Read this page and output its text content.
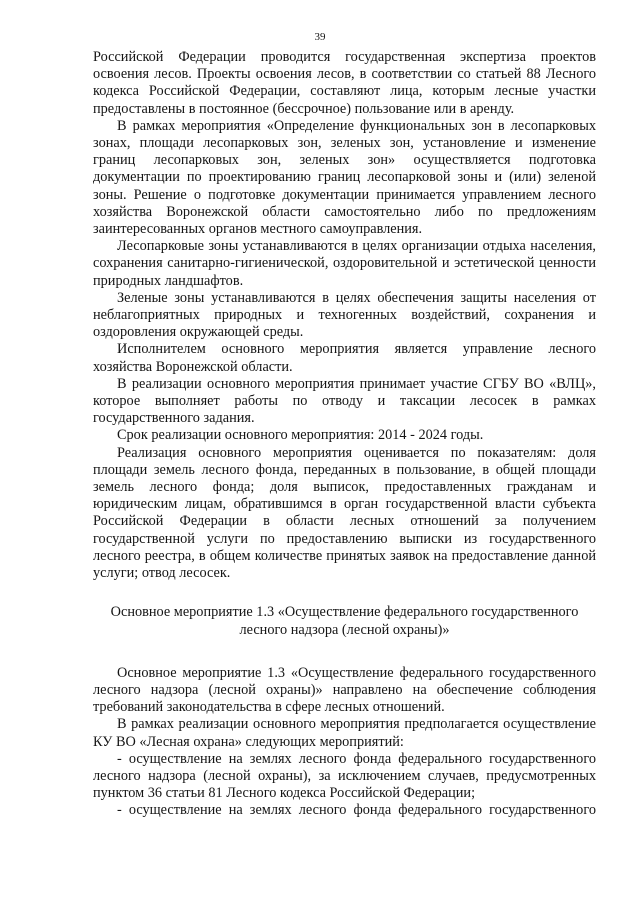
39

Российской Федерации проводится государственная экспертиза проектов освоения лесов. Проекты освоения лесов, в соответствии со статьей 88 Лесного кодекса Российской Федерации, составляют лица, которым лесные участки предоставлены в постоянное (бессрочное) пользование или в аренду.

В рамках мероприятия «Определение функциональных зон в лесопарковых зонах, площади лесопарковых зон, зеленых зон, установление и изменение границ лесопарковых зон, зеленых зон» осуществляется подготовка документации по проектированию границ лесопарковой зоны и (или) зеленой зоны. Решение о подготовке документации принимается управлением лесного хозяйства Воронежской области самостоятельно либо по предложениям заинтересованных органов местного самоуправления.

Лесопарковые зоны устанавливаются в целях организации отдыха населения, сохранения санитарно-гигиенической, оздоровительной и эстетической ценности природных ландшафтов.

Зеленые зоны устанавливаются в целях обеспечения защиты населения от неблагоприятных природных и техногенных воздействий, сохранения и оздоровления окружающей среды.

Исполнителем основного мероприятия является управление лесного хозяйства Воронежской области.

В реализации основного мероприятия принимает участие СГБУ ВО «ВЛЦ», которое выполняет работы по отводу и таксации лесосек в рамках государственного задания.

Срок реализации основного мероприятия: 2014 - 2024 годы.

Реализация основного мероприятия оценивается по показателям: доля площади земель лесного фонда, переданных в пользование, в общей площади земель лесного фонда; доля выписок, предоставленных гражданам и юридическим лицам, обратившимся в орган государственной власти субъекта Российской Федерации в области лесных отношений за получением государственной услуги по предоставлению выписки из государственного лесного реестра, в общем количестве принятых заявок на предоставление данной услуги; отвод лесосек.

Основное мероприятие 1.3 «Осуществление федерального государственного лесного надзора (лесной охраны)»

Основное мероприятие 1.3 «Осуществление федерального государственного лесного надзора (лесной охраны)» направлено на обеспечение соблюдения требований законодательства в сфере лесных отношений.

В рамках реализации основного мероприятия предполагается осуществление КУ ВО «Лесная охрана» следующих мероприятий:

- осуществление на землях лесного фонда федерального государственного лесного надзора (лесной охраны), за исключением случаев, предусмотренных пунктом 36 статьи 81 Лесного кодекса Российской Федерации;

- осуществление на землях лесного фонда федерального государственного
